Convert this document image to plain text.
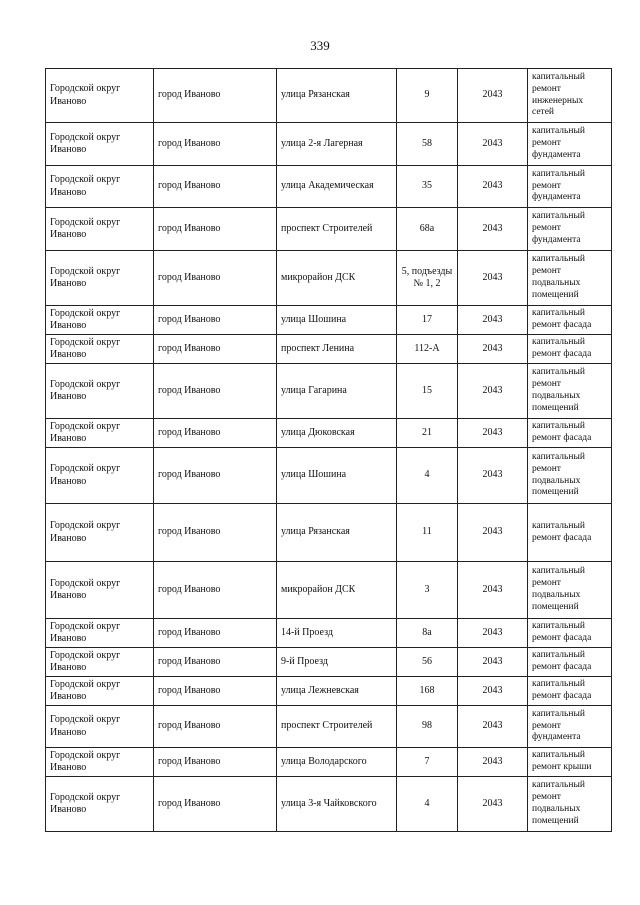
339
Городской округ Иваново	город Иваново	улица Рязанская	9	2043	капитальный ремонт инженерных сетей
Городской округ Иваново	город Иваново	улица 2-я Лагерная	58	2043	капитальный ремонт фундамента
Городской округ Иваново	город Иваново	улица Академическая	35	2043	капитальный ремонт фундамента
Городской округ Иваново	город Иваново	проспект Строителей	68а	2043	капитальный ремонт фундамента
Городской округ Иваново	город Иваново	микрорайон ДСК	5, подъезды № 1, 2	2043	капитальный ремонт подвальных помещений
Городской округ Иваново	город Иваново	улица Шошина	17	2043	капитальный ремонт фасада
Городской округ Иваново	город Иваново	проспект Ленина	112-А	2043	капитальный ремонт фасада
Городской округ Иваново	город Иваново	улица Гагарина	15	2043	капитальный ремонт подвальных помещений
Городской округ Иваново	город Иваново	улица Дюковская	21	2043	капитальный ремонт фасада
Городской округ Иваново	город Иваново	улица Шошина	4	2043	капитальный ремонт подвальных помещений
Городской округ Иваново	город Иваново	улица Рязанская	11	2043	капитальный ремонт фасада
Городской округ Иваново	город Иваново	микрорайон ДСК	3	2043	капитальный ремонт подвальных помещений
Городской округ Иваново	город Иваново	14-й Проезд	8а	2043	капитальный ремонт фасада
Городской округ Иваново	город Иваново	9-й Проезд	56	2043	капитальный ремонт фасада
Городской округ Иваново	город Иваново	улица Лежневская	168	2043	капитальный ремонт фасада
Городской округ Иваново	город Иваново	проспект Строителей	98	2043	капитальный ремонт фундамента
Городской округ Иваново	город Иваново	улица Володарского	7	2043	капитальный ремонт крыши
Городской округ Иваново	город Иваново	улица 3-я Чайковского	4	2043	капитальный ремонт подвальных помещений
